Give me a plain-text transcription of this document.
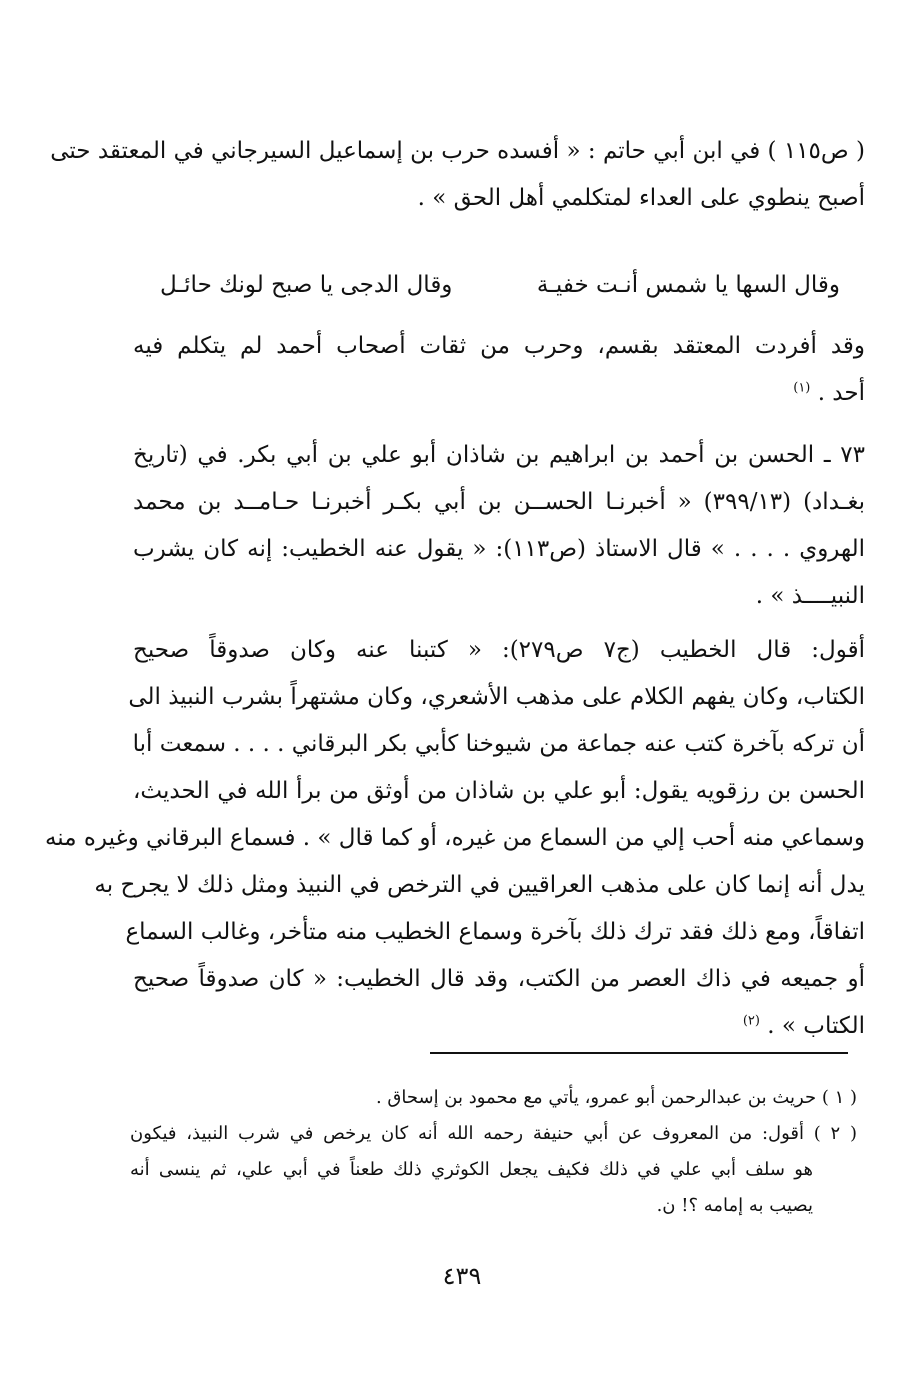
( ص١١٥ ) في ابن أبي حاتم : « أفسده حرب بن إسماعيل السيرجاني في المعتقد حتى
أصبح ينطوي على العداء لمتكلمي أهل الحق » .
وقال السها يا شمس أنـت خفيـة
وقال الدجى يا صبح لونك حائـل
وقد أفردت المعتقد بقسم، وحرب من ثقات أصحاب أحمد لم يتكلم فيه
أحد . $^{(١)}$
٧٣ ـ الحسن بن أحمد بن ابراهيم بن شاذان أبو علي بن أبي بكر. في (تاريخ
بغـداد) (٣٩٩/١٣) « أخبرنـا الحســن بن أبي بكـر أخبرنـا حـامــد بن محمد
الهروي . . . . » قال الاستاذ (ص١١٣): « يقول عنه الخطيب: إنه كان يشرب
النبيــــذ » .
أقول: قال الخطيب (ج٧ ص٢٧٩): « كتبنا عنه وكان صدوقاً صحيح
الكتاب، وكان يفهم الكلام على مذهب الأشعري، وكان مشتهراً بشرب النبيذ الى
أن تركه بآخرة كتب عنه جماعة من شيوخنا كأبي بكر البرقاني . . . . سمعت أبا
الحسن بن رزقويه يقول: أبو علي بن شاذان من أوثق من برأ الله في الحديث،
وسماعي منه أحب إلي من السماع من غيره، أو كما قال » . فسماع البرقاني وغيره منه
يدل أنه إنما كان على مذهب العراقيين في الترخص في النبيذ ومثل ذلك لا يجرح به
اتفاقاً، ومع ذلك فقد ترك ذلك بآخرة وسماع الخطيب منه متأخر، وغالب السماع
أو جميعه في ذاك العصر من الكتب، وقد قال الخطيب: « كان صدوقاً صحيح
الكتاب » . $^{(٢)}$
( ١ ) حريث بن عبدالرحمن أبو عمرو، يأتي مع محمود بن إسحاق .
( ٢ ) أقول: من المعروف عن أبي حنيفة رحمه الله أنه كان يرخص في شرب النبيذ، فيكون
هو سلف أبي علي في ذلك فكيف يجعل الكوثري ذلك طعناً في أبي علي، ثم ينسى أنه
يصيب به إمامه ؟! ن.
٤٣٩
